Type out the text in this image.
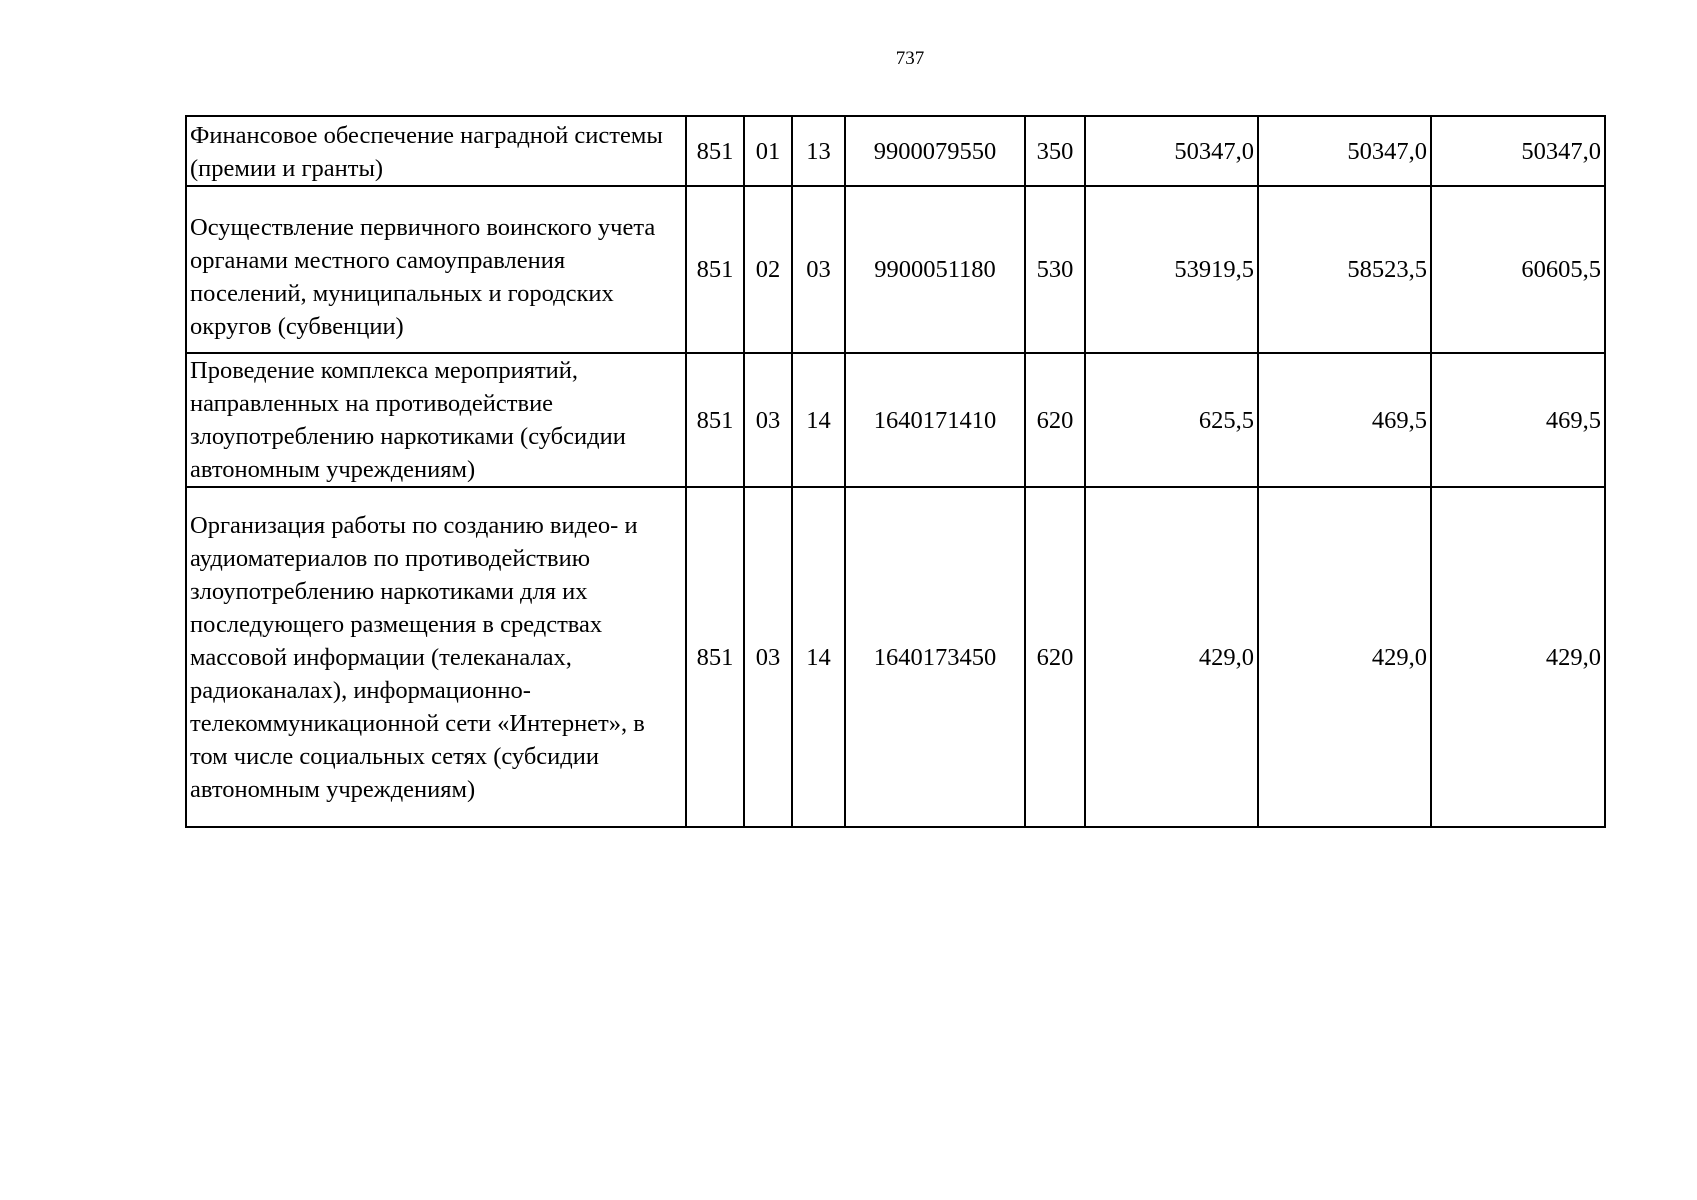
737
Финансовое обеспечение наградной системы (премии и гранты)	851	01	13	9900079550	350	50347,0	50347,0	50347,0
Осуществление первичного воинского учета органами местного самоуправления поселений, муниципальных и городских округов (субвенции)	851	02	03	9900051180	530	53919,5	58523,5	60605,5
Проведение комплекса мероприятий, направленных на противодействие злоупотреблению наркотиками (субсидии автономным учреждениям)	851	03	14	1640171410	620	625,5	469,5	469,5
Организация работы по созданию видео- и аудиоматериалов по противодействию злоупотреблению наркотиками для их последующего размещения в средствах массовой информации (телеканалах, радиоканалах), информационно-телекоммуникационной сети «Интернет», в том числе социальных сетях (субсидии автономным учреждениям)	851	03	14	1640173450	620	429,0	429,0	429,0
